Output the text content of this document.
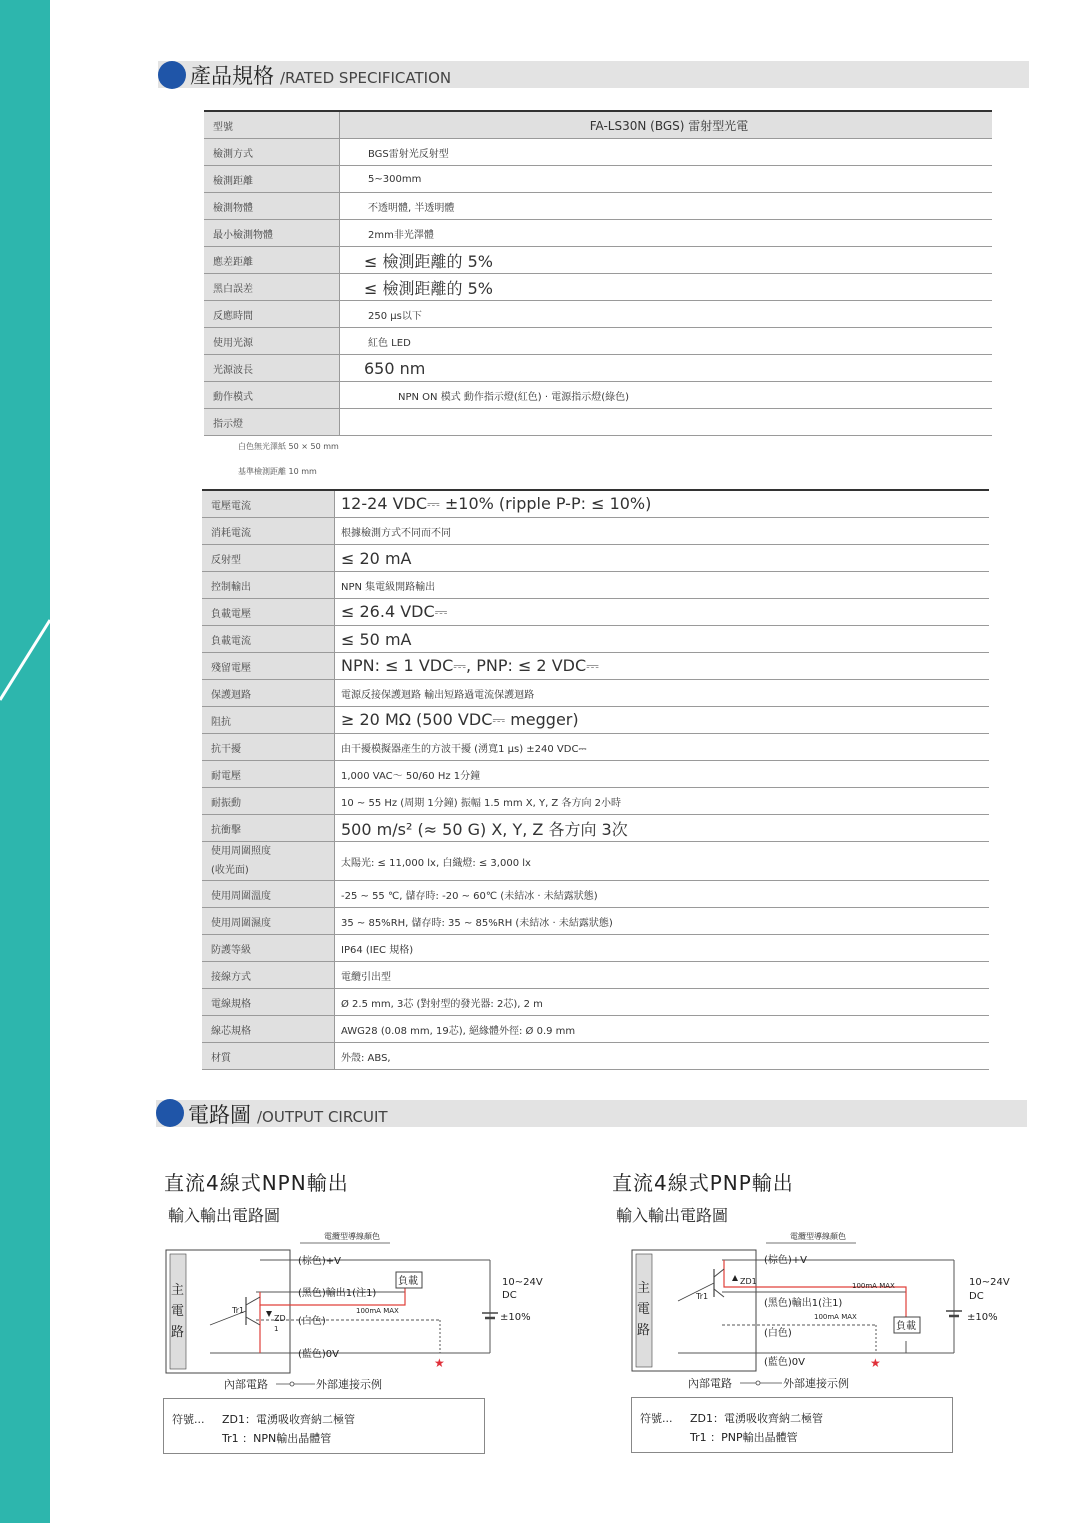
產品規格 /RATED SPECIFICATION
型號	FA-LS30N (BGS) 雷射型光電
檢測方式	BGS雷射光反射型
檢測距離	5~300mm
檢測物體	不透明體, 半透明體
最小檢測物體	2mm非光澤體
應差距離	≤ 檢測距離的 5%
黑白誤差	≤ 檢測距離的 5%
反應時間	250 μs以下
使用光源	紅色 LED
光源波長	650 nm
動作模式	NPN ON 模式 動作指示燈(紅色) · 電源指示燈(綠色)
指示燈	
白色無光澤紙 50 × 50 mm
基準檢測距離 10 mm
電壓電流	12-24 VDC⎓ ±10% (ripple P-P: ≤ 10%)
消耗電流	根據檢測方式不同而不同
反射型	≤ 20 mA
控制輸出	NPN 集電級開路輸出
負載電壓	≤ 26.4 VDC⎓
負載電流	≤ 50 mA
殘留電壓	NPN: ≤ 1 VDC⎓, PNP: ≤ 2 VDC⎓
保護迴路	電源反接保護迴路 輸出短路過電流保護迴路
阻抗	≥ 20 MΩ (500 VDC⎓ megger)
抗干擾	由干擾模擬器產生的方波干擾 (湧寬1 μs) ±240 VDC⎓
耐電壓	1,000 VAC～ 50/60 Hz 1分鐘
耐振動	10 ~ 55 Hz (周期 1分鐘) 振幅 1.5 mm X, Y, Z 各方向 2小時
抗衝擊	500 m/s² (≈ 50 G) X, Y, Z 各方向 3次
使用周圍照度
(收光面)	太陽光: ≤ 11,000 lx, 白織燈: ≤ 3,000 lx
使用周圍溫度	-25 ~ 55 ℃, 儲存時: -20 ~ 60℃ (未結冰 · 未結露狀態)
使用周圍濕度	35 ~ 85%RH, 儲存時: 35 ~ 85%RH (未結冰 · 未結露狀態)
防護等級	IP64 (IEC 規格)
接線方式	電纜引出型
電線規格	Ø 2.5 mm, 3芯 (對射型的發光器: 2芯), 2 m
線芯規格	AWG28 (0.08 mm, 19芯), 絕緣體外徑: Ø 0.9 mm
材質	外殼: ABS,
電路圖 /OUTPUT CIRCUIT
直流4線式NPN輸出
輸入輸出電路圖
電纜型導線顏色
主
電
路
Tr1
ZD
1
(棕色)+V
(黑色)輸出1(注1)
(白色)
(藍色)0V
負載
100mA MAX
10~24V
DC
±10%
★
內部電路	外部連接示例
符號... ZD1：電湧吸收齊納二極管
Tr1 ：NPN輸出晶體管
直流4線式PNP輸出
輸入輸出電路圖
電纜型導線顏色
主
電
路
Tr1
ZD1
(棕色)+V
(黑色)輸出1(注1)
(白色)
(藍色)0V
100mA MAX
100mA MAX
負載
10~24V
DC
±10%
★
內部電路	外部連接示例
符號... ZD1：電湧吸收齊納二極管
Tr1 ：PNP輸出晶體管
